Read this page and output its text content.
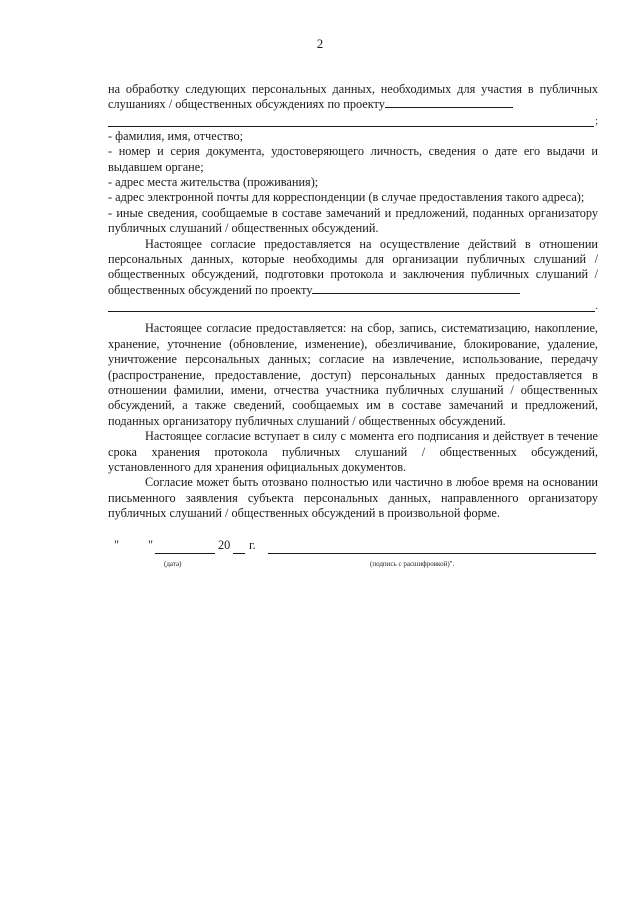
2

на обработку следующих персональных данных, необходимых для участия в публичных слушаниях / общественных обсуждениях по проекту

;

- фамилия, имя, отчество;

- номер и серия документа, удостоверяющего личность, сведения о дате его выдачи и выдавшем органе;

- адрес места жительства (проживания);

- адрес электронной почты для корреспонденции (в случае предоставления такого адреса);

- иные сведения, сообщаемые в составе замечаний и предложений, поданных организатору публичных слушаний / общественных обсуждений.

Настоящее согласие предоставляется на осуществление действий в отношении персональных данных, которые необходимы для организации публичных слушаний / общественных обсуждений, подготовки протокола и заключения публичных слушаний / общественных обсуждений по проекту

.

Настоящее согласие предоставляется: на сбор, запись, систематизацию, накопление, хранение, уточнение (обновление, изменение), обезличивание, блокирование, удаление, уничтожение персональных данных; согласие на извлечение, использование, передачу (распространение, предоставление, доступ) персональных данных предоставляется в отношении фамилии, имени, отчества участника публичных слушаний / общественных обсуждений, а также сведений, сообщаемых им в составе замечаний и предложений, поданных организатору публичных слушаний / общественных обсуждений.

Настоящее согласие вступает в силу с момента его подписания и действует в течение срока хранения протокола публичных слушаний / общественных обсуждений, установленного для хранения официальных документов.

Согласие может быть отозвано полностью или частично в любое время на основании письменного заявления субъекта персональных данных, направленного организатору публичных слушаний / общественных обсуждений в произвольной форме.

" "	20 г.
(дата)	(подпись с расшифровкой)".
